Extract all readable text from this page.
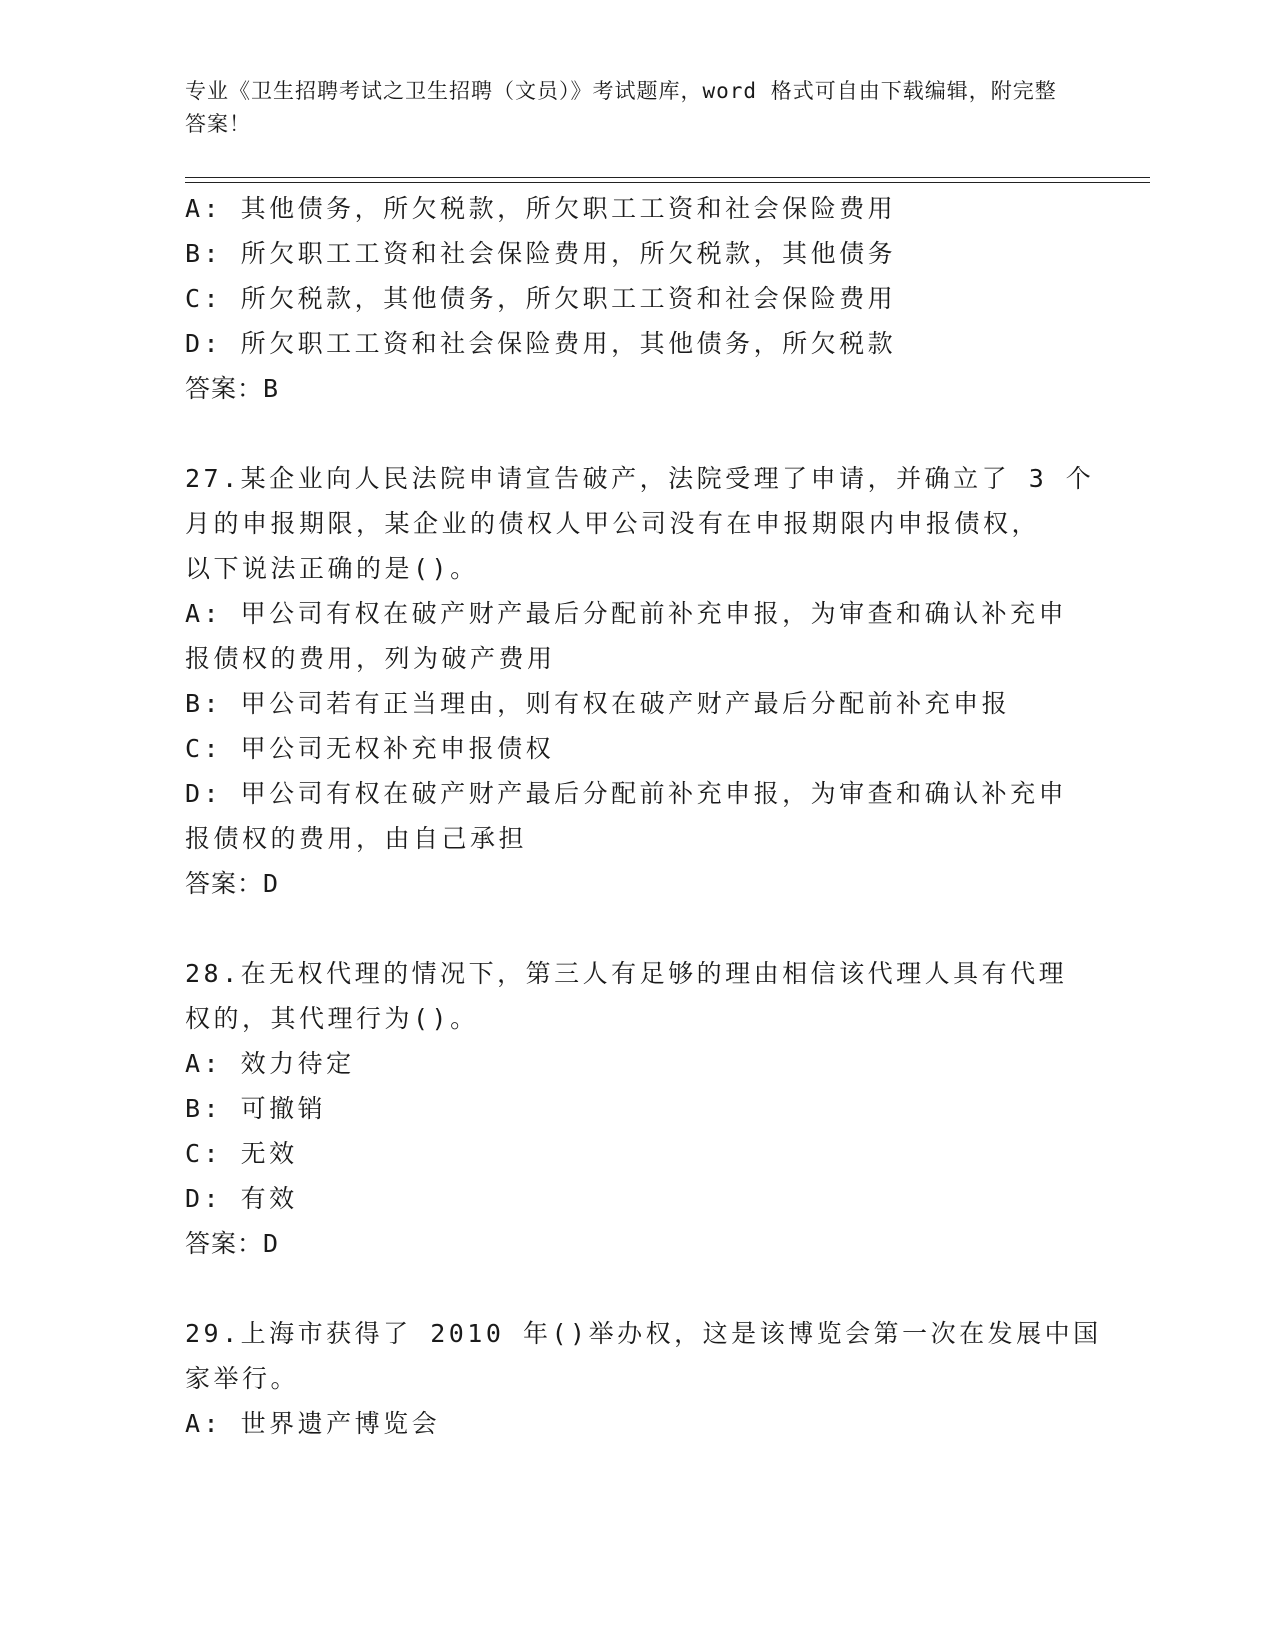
专业《卫生招聘考试之卫生招聘（文员）》考试题库，word 格式可自由下载编辑，附完整答案！

A: 其他债务，所欠税款，所欠职工工资和社会保险费用
B: 所欠职工工资和社会保险费用，所欠税款，其他债务
C: 所欠税款，其他债务，所欠职工工资和社会保险费用
D: 所欠职工工资和社会保险费用，其他债务，所欠税款
答案：B
27.某企业向人民法院申请宣告破产，法院受理了申请，并确立了 3 个
月的申报期限，某企业的债权人甲公司没有在申报期限内申报债权，
以下说法正确的是()。
A: 甲公司有权在破产财产最后分配前补充申报，为审查和确认补充申
报债权的费用，列为破产费用
B: 甲公司若有正当理由，则有权在破产财产最后分配前补充申报
C: 甲公司无权补充申报债权
D: 甲公司有权在破产财产最后分配前补充申报，为审查和确认补充申
报债权的费用，由自己承担
答案：D
28.在无权代理的情况下，第三人有足够的理由相信该代理人具有代理
权的，其代理行为()。
A: 效力待定
B: 可撤销
C: 无效
D: 有效
答案：D
29.上海市获得了 2010 年()举办权，这是该博览会第一次在发展中国
家举行。
A: 世界遗产博览会
